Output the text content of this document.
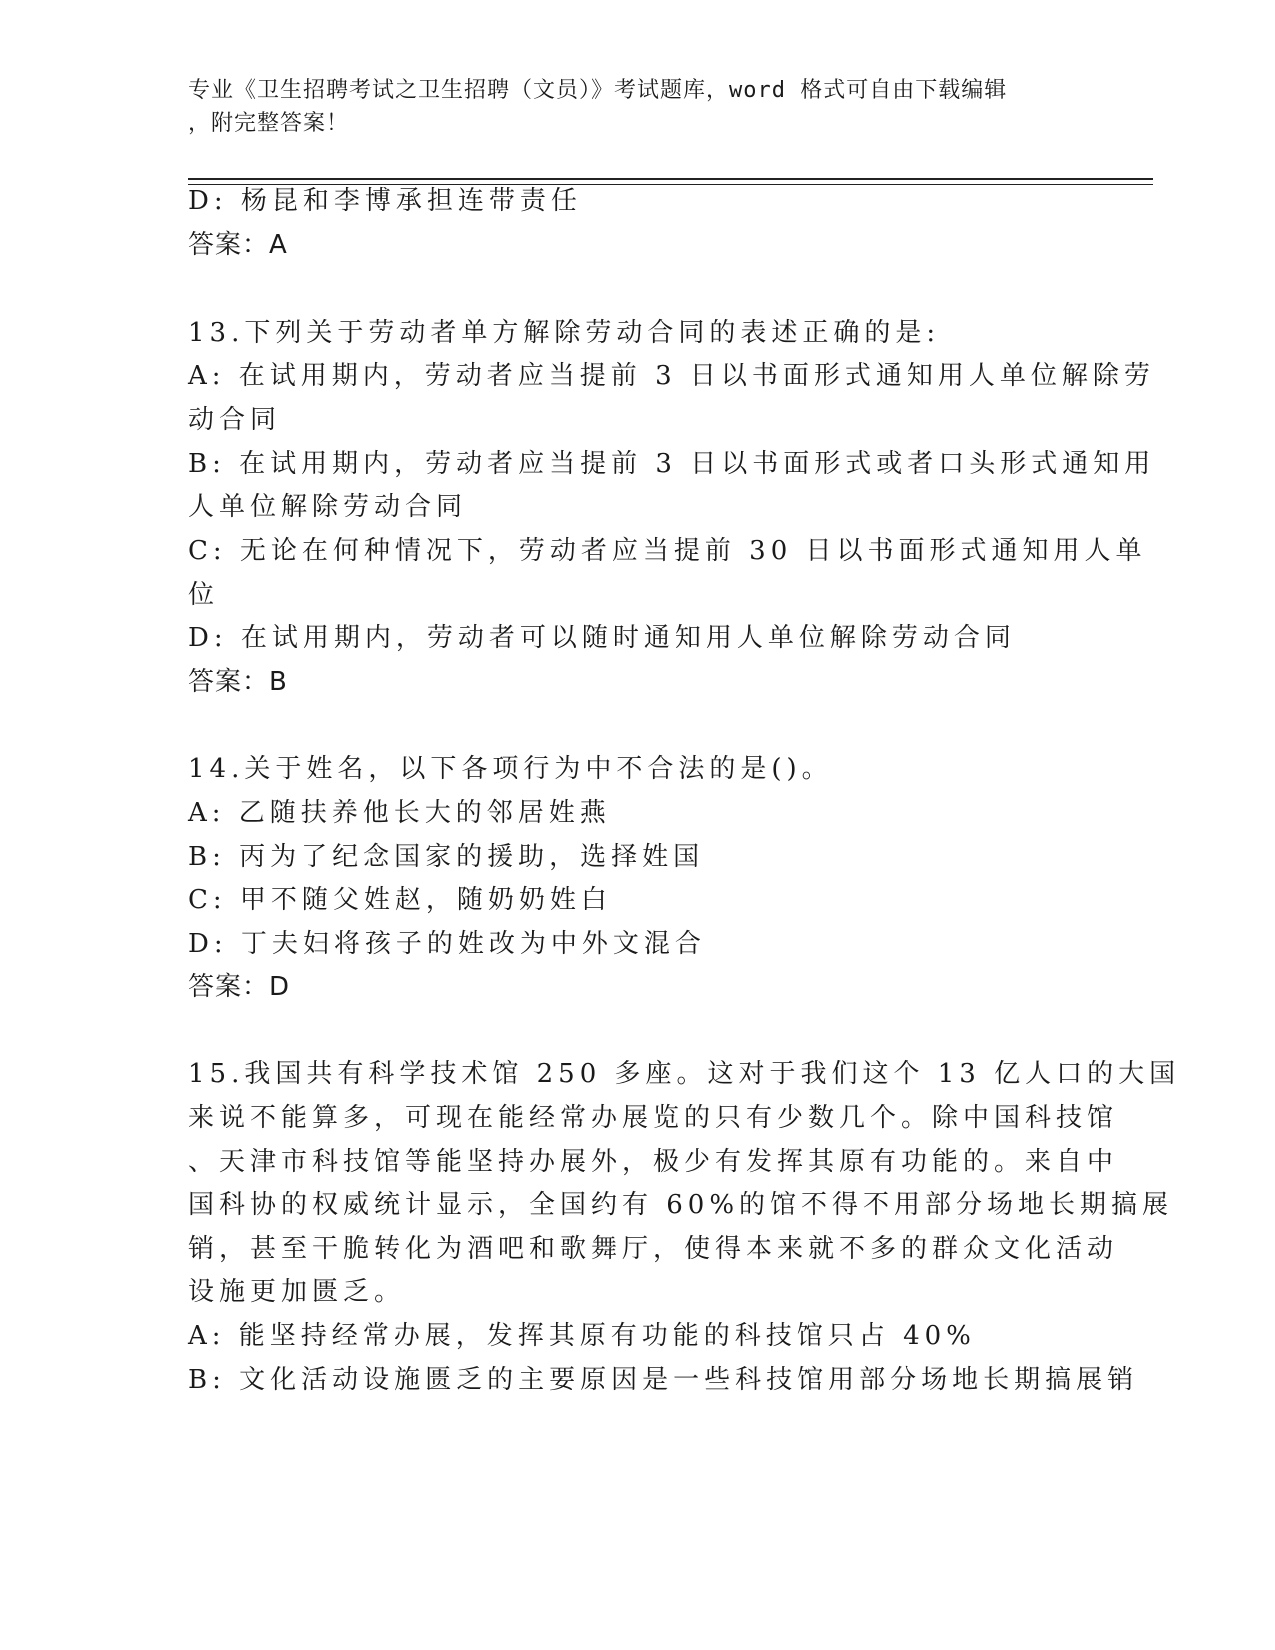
专业《卫生招聘考试之卫生招聘（文员）》考试题库，word 格式可自由下载编辑
，附完整答案！
D: 杨昆和李博承担连带责任
答案：A
13.下列关于劳动者单方解除劳动合同的表述正确的是:
A: 在试用期内，劳动者应当提前 3 日以书面形式通知用人单位解除劳
动合同
B: 在试用期内，劳动者应当提前 3 日以书面形式或者口头形式通知用
人单位解除劳动合同
C: 无论在何种情况下，劳动者应当提前 30 日以书面形式通知用人单
位
D: 在试用期内，劳动者可以随时通知用人单位解除劳动合同
答案：B
14.关于姓名，以下各项行为中不合法的是()。
A: 乙随扶养他长大的邻居姓燕
B: 丙为了纪念国家的援助，选择姓国
C: 甲不随父姓赵，随奶奶姓白
D: 丁夫妇将孩子的姓改为中外文混合
答案：D
15.我国共有科学技术馆 250 多座。这对于我们这个 13 亿人口的大国
来说不能算多，可现在能经常办展览的只有少数几个。除中国科技馆
、天津市科技馆等能坚持办展外，极少有发挥其原有功能的。来自中
国科协的权威统计显示，全国约有 60%的馆不得不用部分场地长期搞展
销，甚至干脆转化为酒吧和歌舞厅，使得本来就不多的群众文化活动
设施更加匮乏。
A: 能坚持经常办展，发挥其原有功能的科技馆只占 40%
B: 文化活动设施匮乏的主要原因是一些科技馆用部分场地长期搞展销
